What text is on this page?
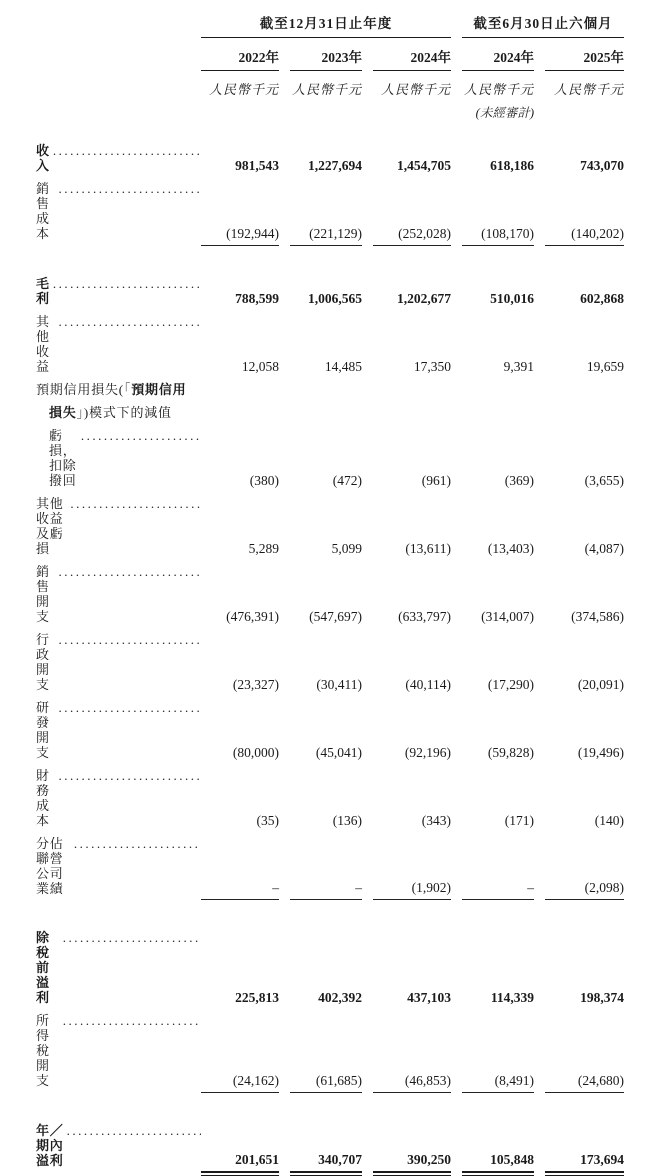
	截至12月31日止年度						截至6月30日止六個月		
	2022年		2023年		2024年		2024年		2025年
	人民幣千元		人民幣千元		人民幣千元		人民幣千元		人民幣千元
							(未經審計)		

收入
.....	981,543		1,227,694		1,454,705		618,186		743,070

銷售成本
.....	(192,944)		(221,129)		(252,028)		(108,170)		(140,202)

毛利
.....	788,599		1,006,565		1,202,677		510,016		602,868

其他收益
.....	12,058		14,485		17,350		9,391		19,659

預期信用損失(「 預期信用
損失 」)模式下的減值
虧損，扣除撥回
.....	(380)		(472)		(961)		(369)		(3,655)

其他收益及虧損
.....	5,289		5,099		(13,611)		(13,403)		(4,087)

銷售開支
.....	(476,391)		(547,697)		(633,797)		(314,007)		(374,586)

行政開支
.....	(23,327)		(30,411)		(40,114)		(17,290)		(20,091)

研發開支
.....	(80,000)		(45,041)		(92,196)		(59,828)		(19,496)

財務成本
.....	(35)		(136)		(343)		(171)		(140)

分佔聯營公司業績
.....	–		–		(1,902)		–		(2,098)

除稅前溢利
.....	225,813		402,392		437,103		114,339		198,374

所得稅開支
.....	(24,162)		(61,685)		(46,853)		(8,491)		(24,680)

年／期內溢利
.....	201,651		340,707		390,250		105,848		173,694
